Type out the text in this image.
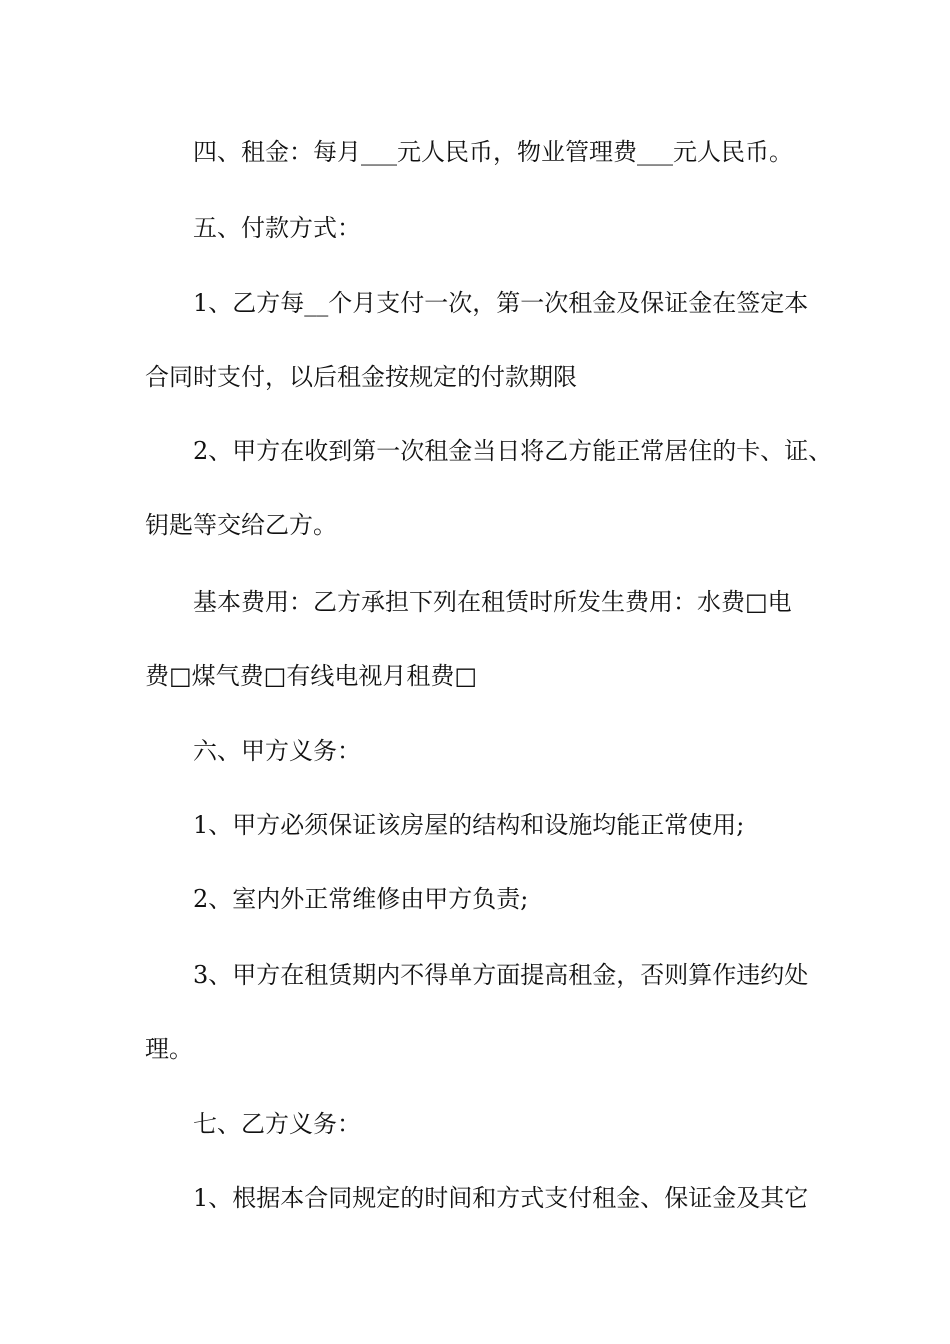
四、租金：每月___元人民币，物业管理费___元人民币。
五、付款方式：
1、乙方每__个月支付一次，第一次租金及保证金在签定本
合同时支付，以后租金按规定的付款期限
2、甲方在收到第一次租金当日将乙方能正常居住的卡、证、
钥匙等交给乙方。
基本费用：乙方承担下列在租赁时所发生费用：水费□电
费□煤气费□有线电视月租费□
六、甲方义务：
1、甲方必须保证该房屋的结构和设施均能正常使用;
2、室内外正常维修由甲方负责;
3、甲方在租赁期内不得单方面提高租金，否则算作违约处
理。
七、乙方义务：
1、根据本合同规定的时间和方式支付租金、保证金及其它
